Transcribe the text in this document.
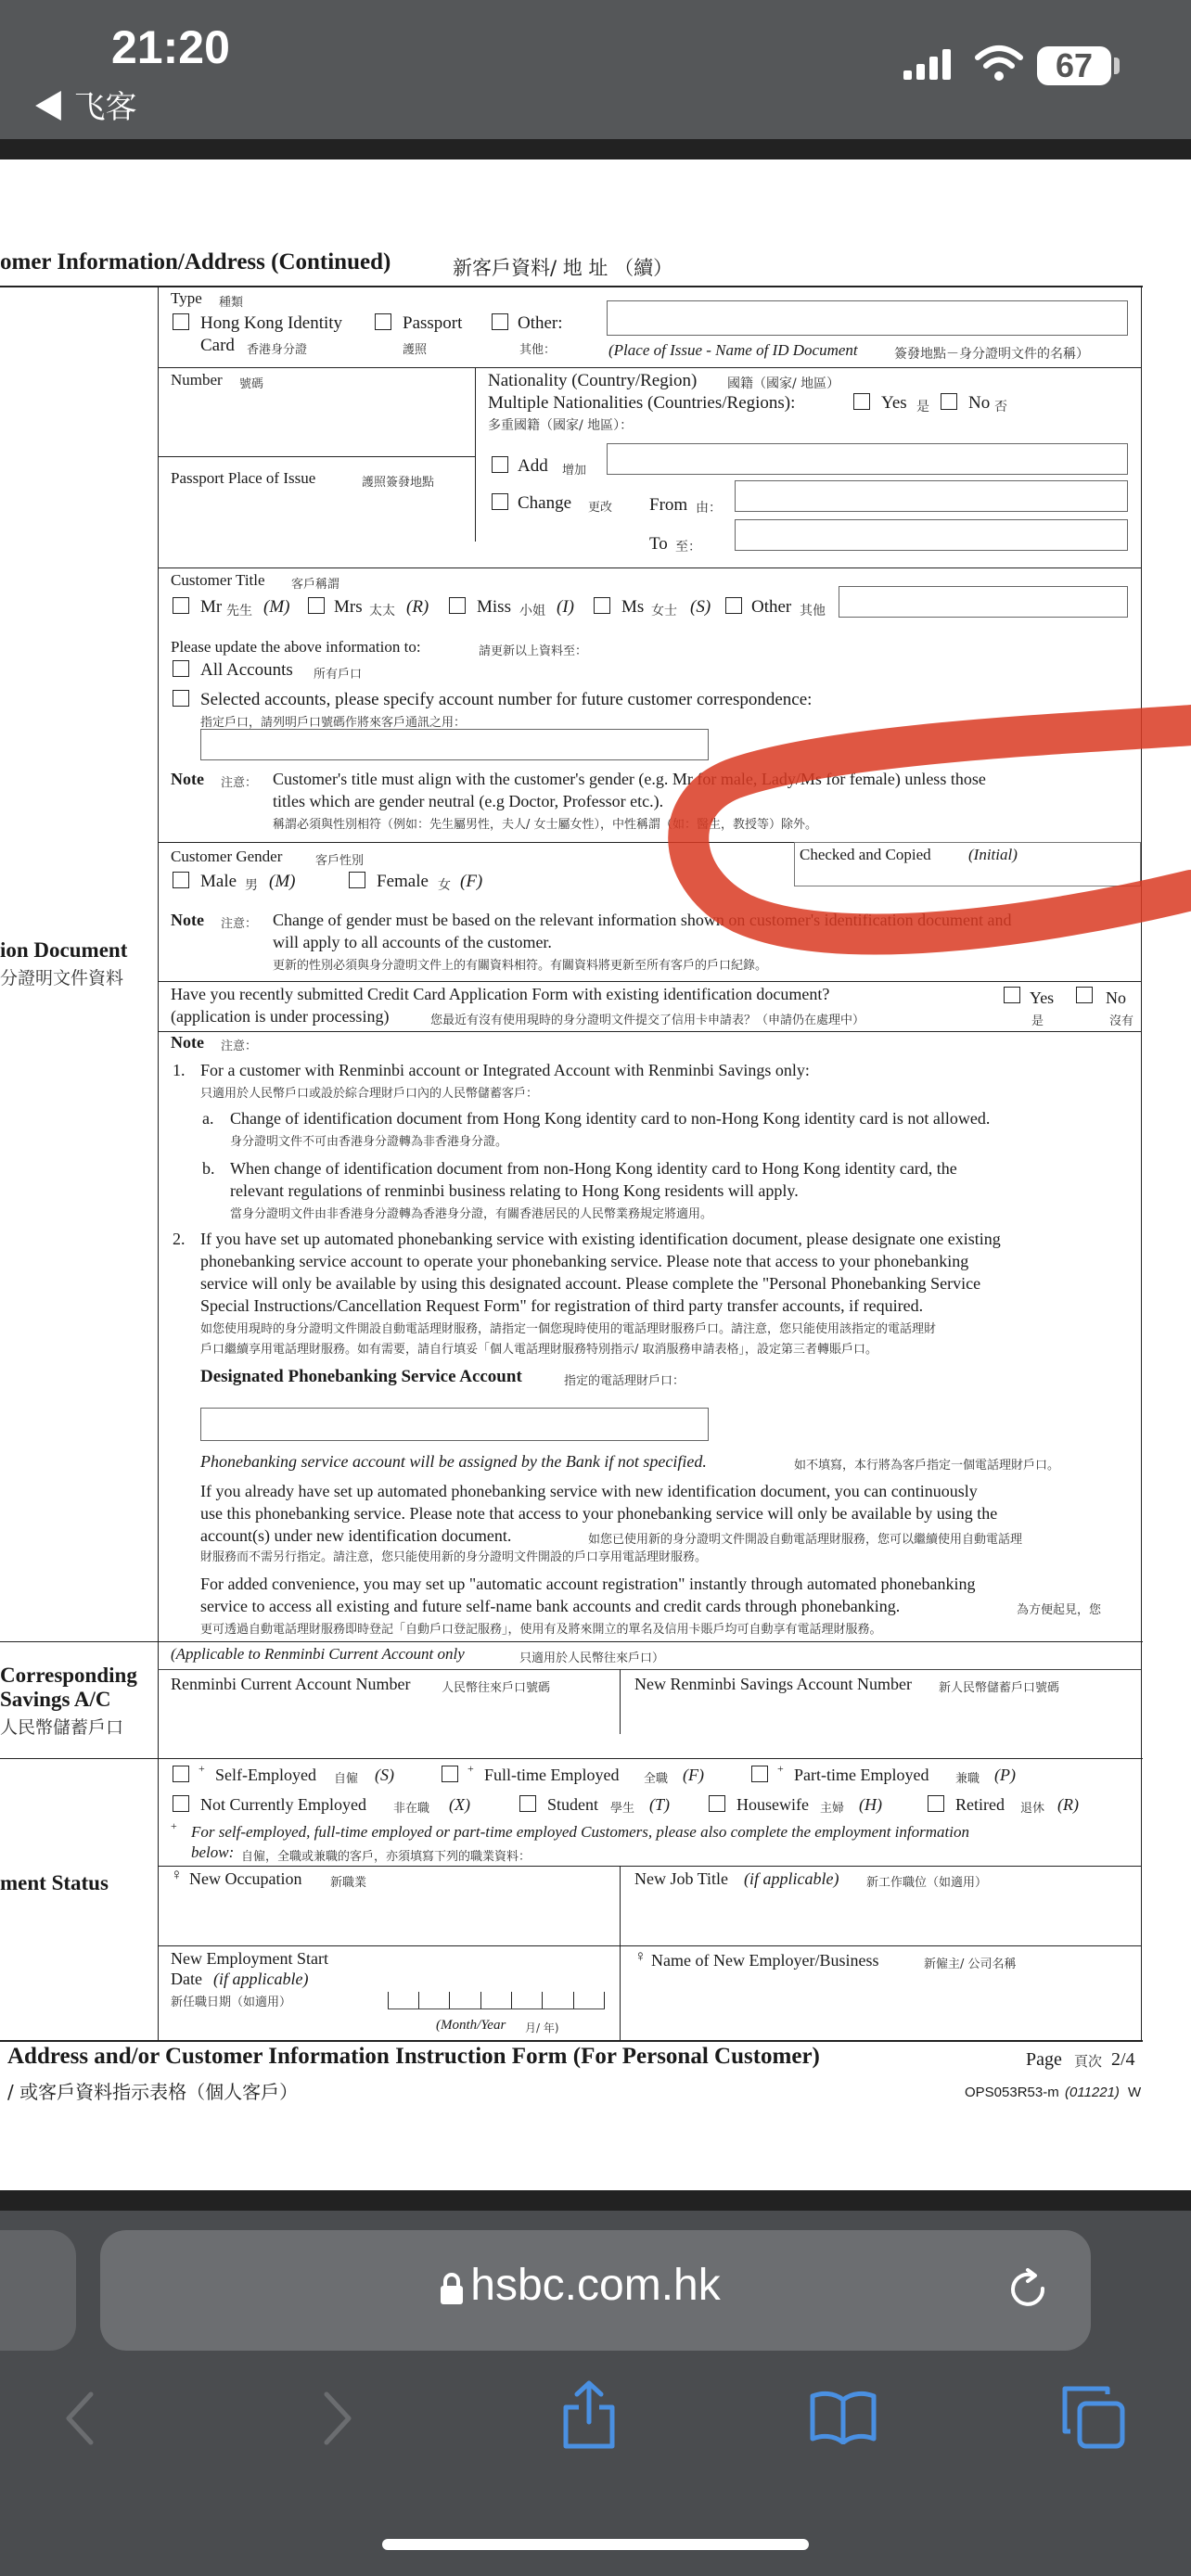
21:20
◀ 飞客
67
omer Information/Address (Continued)	新客戶資料/ 地 址 （續）
ion Document
分證明文件資料
Corresponding
Savings A/C
人民幣儲蓄戶口
ment Status
Type 種類
Hong Kong Identity
Card 香港身分證
Passport
護照
Other:
其他：	(Place of Issue - Name of ID Document	簽發地點－身分證明文件的名稱）
Number 號碼	Nationality (Country/Region) 國籍（國家/ 地區）
Multiple Nationalities (Countries/Regions):
多重國籍（國家/ 地區）：
Yes 是 No 否
Passport Place of Issue	護照簽發地點
Add 增加
Change 更改 From 由：
To 至：
Customer Title 客戶稱謂
Mr 先生 (M)	Mrs 太太 (R)	Miss 小姐 (I)	Ms 女士 (S) Other 其他
Please update the above information to:	請更新以上資料至：
All Accounts 所有戶口
Selected accounts, please specify account number for future customer correspondence:
指定戶口，請列明戶口號碼作將來客戶通訊之用：
Note 注意： Customer's title must align with the customer's gender (e.g. Mr for male, Lady/Ms for female) unless those
titles which are gender neutral (e.g Doctor, Professor etc.).
稱謂必須與性別相符（例如：先生屬男性，夫人/ 女士屬女性），中性稱謂（如：醫生，教授等）除外。
Customer Gender	客戶性別
Male 男 (M)	Female 女 (F)
Checked and Copied (Initial)
Note 注意： Change of gender must be based on the relevant information shown on customer's identification document and
will apply to all accounts of the customer.
更新的性別必須與身分證明文件上的有關資料相符。有關資料將更新至所有客戶的戶口紀錄。
Have you recently submitted Credit Card Application Form with existing identification document?
(application is under processing)	您最近有沒有使用現時的身分證明文件提交了信用卡申請表？（申請仍在處理中）
Yes
是
No
沒有
Note 注意：
1. For a customer with Renminbi account or Integrated Account with Renminbi Savings only:
只適用於人民幣戶口或設於綜合理財戶口內的人民幣儲蓄客戶：
a. Change of identification document from Hong Kong identity card to non-Hong Kong identity card is not allowed.
身分證明文件不可由香港身分證轉為非香港身分證。
b. When change of identification document from non-Hong Kong identity card to Hong Kong identity card, the
relevant regulations of renminbi business relating to Hong Kong residents will apply.
當身分證明文件由非香港身分證轉為香港身分證，有關香港居民的人民幣業務規定將適用。
2. If you have set up automated phonebanking service with existing identification document, please designate one existing
phonebanking service account to operate your phonebanking service. Please note that access to your phonebanking
service will only be available by using this designated account. Please complete the "Personal Phonebanking Service
Special Instructions/Cancellation Request Form" for registration of third party transfer accounts, if required.
如您使用現時的身分證明文件開設自動電話理財服務，請指定一個您現時使用的電話理財服務戶口。請注意，您只能使用該指定的電話理財
戶口繼續享用電話理財服務。如有需要，請自行填妥「個人電話理財服務特別指示/ 取消服務申請表格」，設定第三者轉賬戶口。
Designated Phonebanking Service Account	指定的電話理財戶口：
Phonebanking service account will be assigned by the Bank if not specified.	如不填寫，本行將為客戶指定一個電話理財戶口。
If you already have set up automated phonebanking service with new identification document, you can continuously
use this phonebanking service. Please note that access to your phonebanking service will only be available by using the
account(s) under new identification document.	如您已使用新的身分證明文件開設自動電話理財服務，您可以繼續使用自動電話理
財服務而不需另行指定。請注意，您只能使用新的身分證明文件開設的戶口享用電話理財服務。
For added convenience, you may set up "automatic account registration" instantly through automated phonebanking
service to access all existing and future self-name bank accounts and credit cards through phonebanking.	為方便起見，您
更可透過自動電話理財服務即時登記「自動戶口登記服務」，使用有及將來開立的單名及信用卡賬戶均可自動享有電話理財服務。
(Applicable to Renminbi Current Account only	只適用於人民幣往來戶口）
Renminbi Current Account Number	人民幣往來戶口號碼	New Renminbi Savings Account Number 新人民幣儲蓄戶口號碼
+ Self-Employed 自僱 (S)	+ Full-time Employed 全職 (F)	+ Part-time Employed 兼職 (P)
Not Currently Employed 非在職 (X)	Student 學生 (T)	Housewife 主婦 (H)	Retired 退休 (R)
+ For self-employed, full-time employed or part-time employed Customers, please also complete the employment information
below: 自僱，全職或兼職的客戶，亦須填寫下列的職業資料：
♀ New Occupation 新職業	New Job Title (if applicable) 新工作職位（如適用）
New Employment Start
Date (if applicable)
新任職日期（如適用）
(Month/Year 月/ 年)
♀ Name of New Employer/Business	新僱主/ 公司名稱
Address and/or Customer Information Instruction Form (For Personal Customer)
/ 或客戶資料指示表格（個人客戶）
Page 頁次 2/4
OPS053R53-m (011221) W
hsbc.com.hk
